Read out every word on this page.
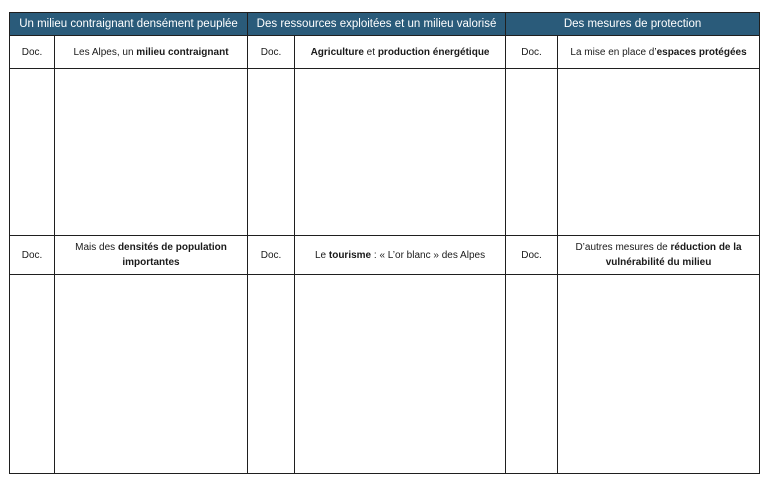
Un milieu contraignant densément peuplée		Des ressources exploitées et un milieu valorisé		Des mesures de protection	
Doc.	Les Alpes, un milieu contraignant	Doc.	Agriculture et production énergétique	Doc.	La mise en place d’espaces protégées

Doc.	Mais des densités de population importantes	Doc.	Le tourisme : « L’or blanc » des Alpes	Doc.	D’autres mesures de réduction de la vulnérabilité du milieu
